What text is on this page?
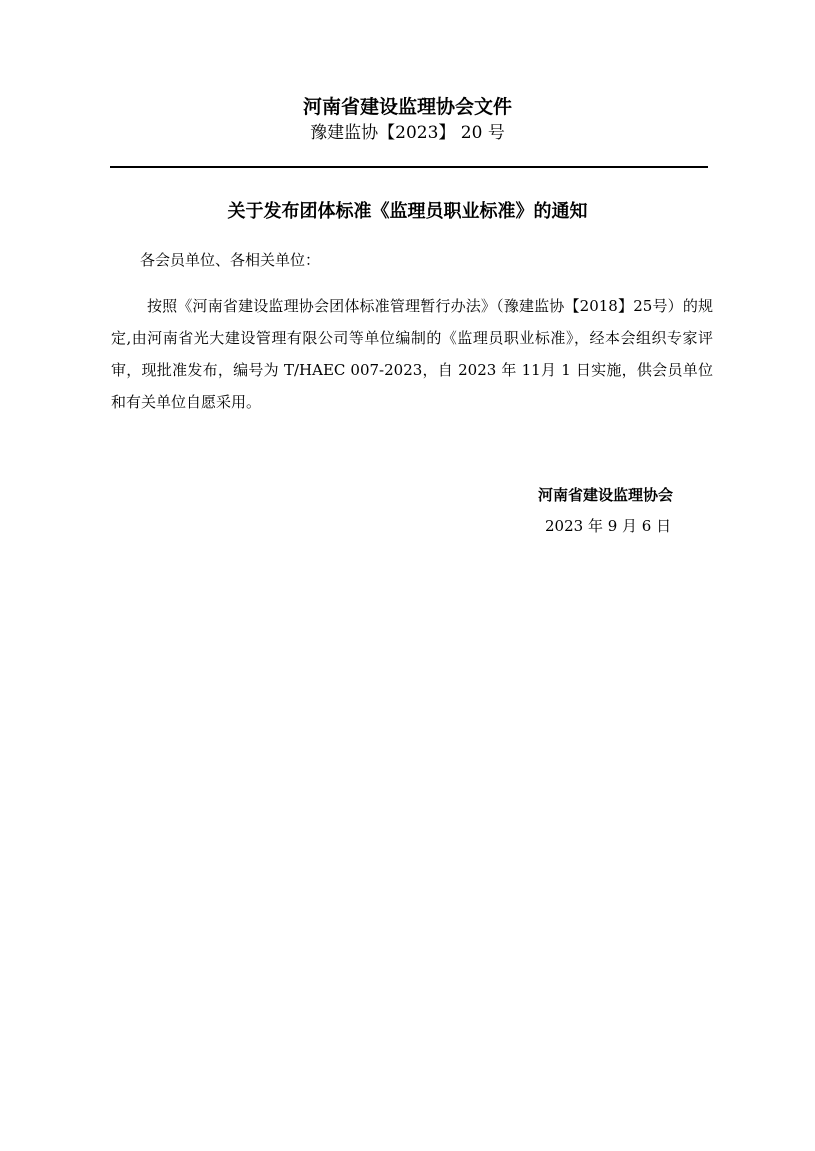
河南省建设监理协会文件
豫建监协【2023】 20 号
关于发布团体标准《监理员职业标准》的通知
各会员单位、各相关单位：

按照《河南省建设监理协会团体标准管理暂行办法》（豫建监协【2018】25号）的规定,由河南省光大建设管理有限公司等单位编制的《监理员职业标准》，经本会组织专家评审，现批准发布，编号为 T/HAEC 007-2023，自 2023 年 11月 1 日实施，供会员单位和有关单位自愿采用。

河南省建设监理协会
2023 年 9 月 6 日
